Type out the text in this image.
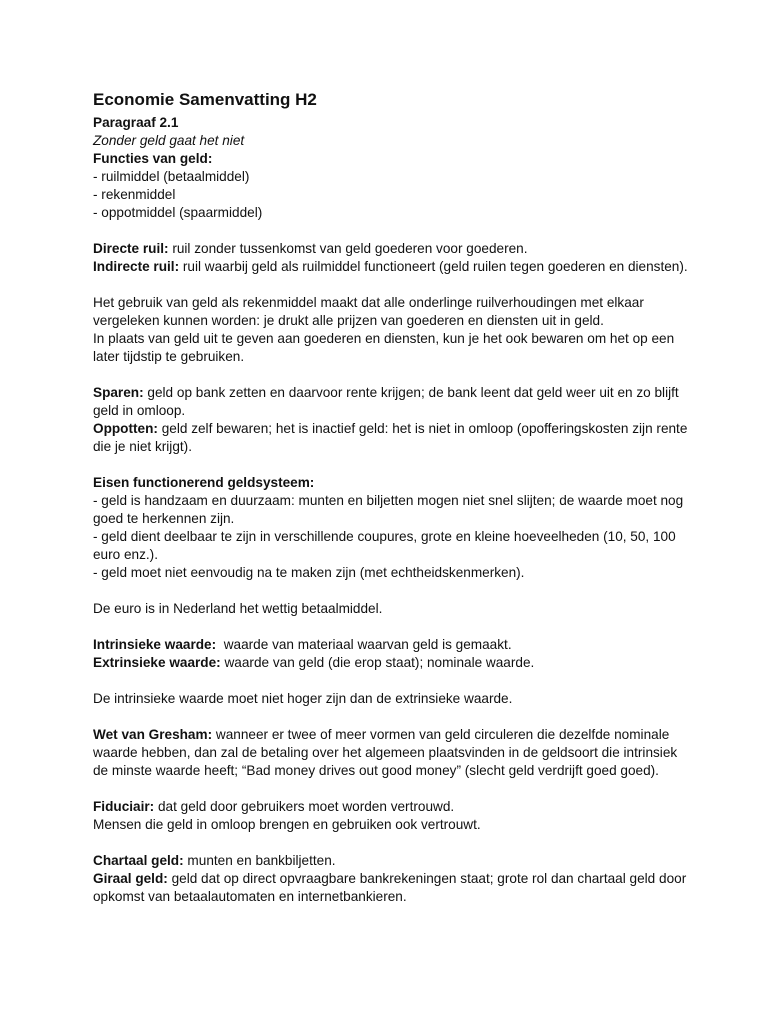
Economie Samenvatting H2
Paragraaf 2.1
Zonder geld gaat het niet
Functies van geld:
- ruilmiddel (betaalmiddel)
- rekenmiddel
- oppotmiddel (spaarmiddel)
Directe ruil: ruil zonder tussenkomst van geld goederen voor goederen.
Indirecte ruil: ruil waarbij geld als ruilmiddel functioneert (geld ruilen tegen goederen en diensten).
Het gebruik van geld als rekenmiddel maakt dat alle onderlinge ruilverhoudingen met elkaar vergeleken kunnen worden: je drukt alle prijzen van goederen en diensten uit in geld.
In plaats van geld uit te geven aan goederen en diensten, kun je het ook bewaren om het op een later tijdstip te gebruiken.
Sparen: geld op bank zetten en daarvoor rente krijgen; de bank leent dat geld weer uit en zo blijft geld in omloop.
Oppotten: geld zelf bewaren; het is inactief geld: het is niet in omloop (opofferingskosten zijn rente die je niet krijgt).
Eisen functionerend geldsysteem:
- geld is handzaam en duurzaam: munten en biljetten mogen niet snel slijten; de waarde moet nog goed te herkennen zijn.
- geld dient deelbaar te zijn in verschillende coupures, grote en kleine hoeveelheden (10, 50, 100 euro enz.).
- geld moet niet eenvoudig na te maken zijn (met echtheidskenmerken).
De euro is in Nederland het wettig betaalmiddel.
Intrinsieke waarde:  waarde van materiaal waarvan geld is gemaakt.
Extrinsieke waarde: waarde van geld (die erop staat); nominale waarde.
De intrinsieke waarde moet niet hoger zijn dan de extrinsieke waarde.
Wet van Gresham: wanneer er twee of meer vormen van geld circuleren die dezelfde nominale waarde hebben, dan zal de betaling over het algemeen plaatsvinden in de geldsoort die intrinsiek de minste waarde heeft; “Bad money drives out good money” (slecht geld verdrijft goed goed).
Fiduciair: dat geld door gebruikers moet worden vertrouwd.
Mensen die geld in omloop brengen en gebruiken ook vertrouwt.
Chartaal geld: munten en bankbiljetten.
Giraal geld: geld dat op direct opvraagbare bankrekeningen staat; grote rol dan chartaal geld door opkomst van betaalautomaten en internetbankieren.
